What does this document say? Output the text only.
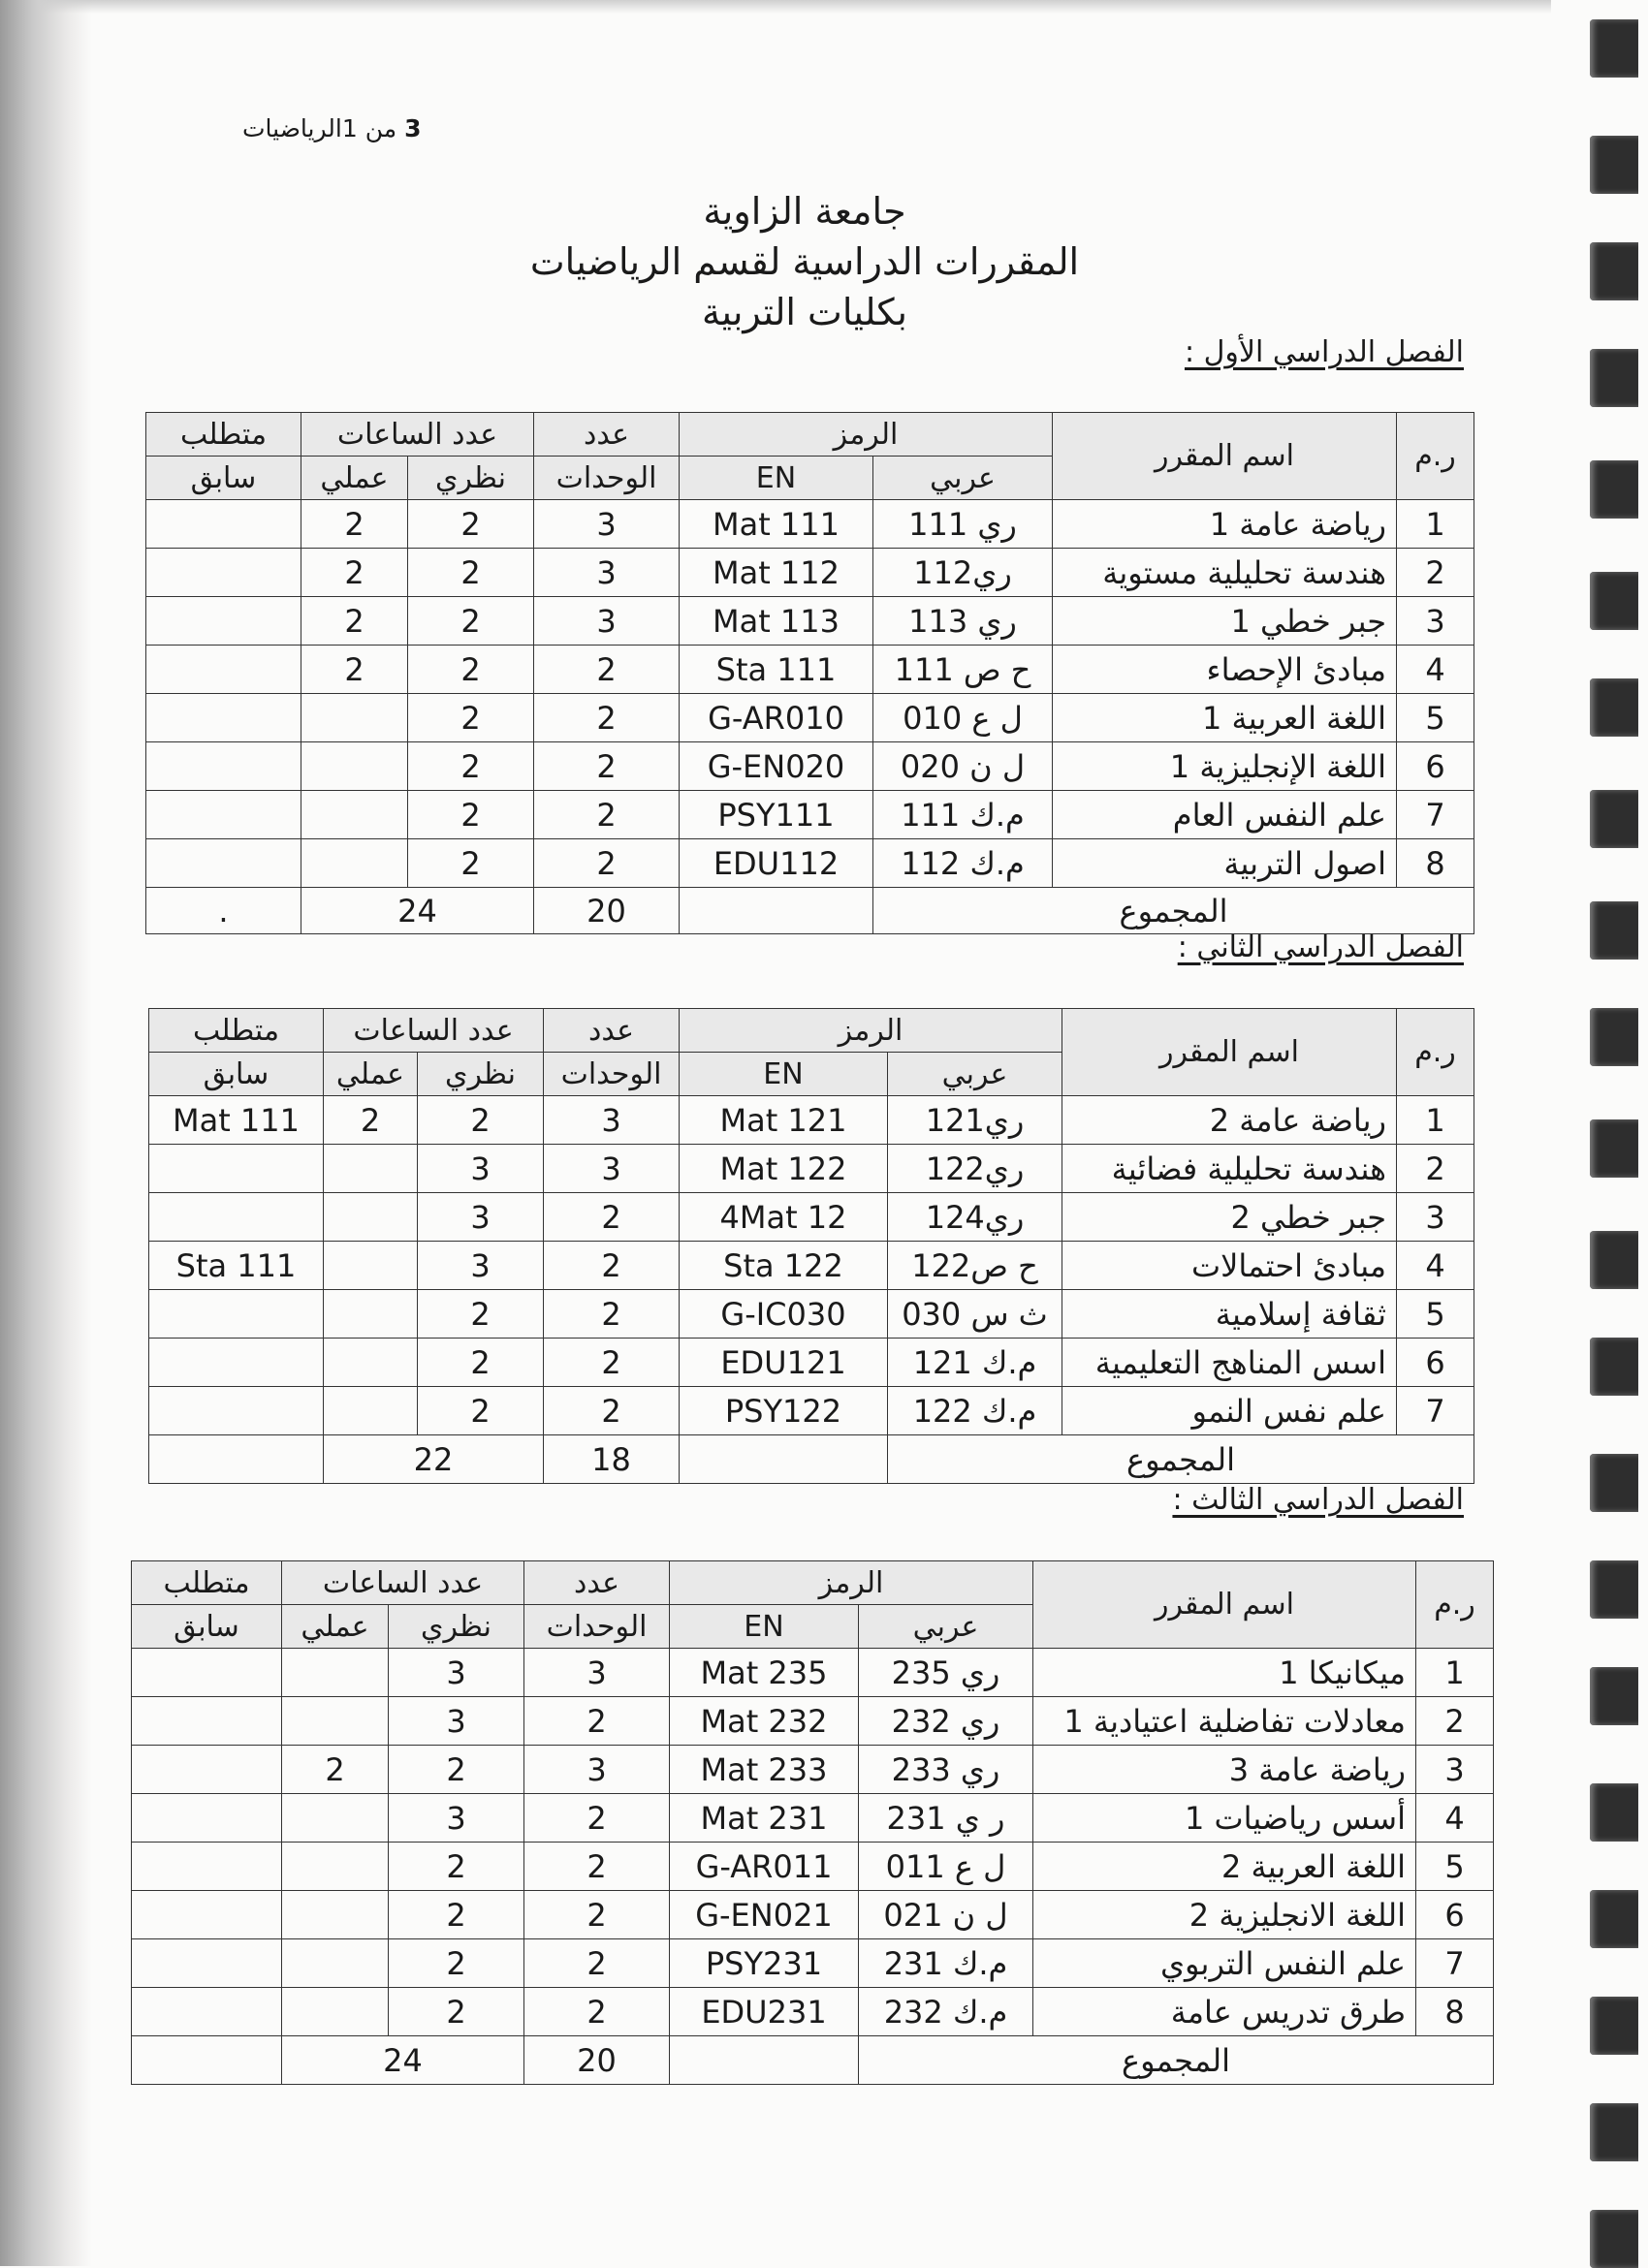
3 من 1الرياضيات
جامعة الزاوية
المقررات الدراسية لقسم الرياضيات
بكليات التربية
الفصل الدراسي الأول :
ر.م	اسم المقرر	الرمز		عدد	عدد الساعات		متطلب
		عربي	EN	الوحدات	نظري	عملي	سابق
1	رياضة عامة 1	ري 111	Mat 111	3	2	2	
2	هندسة تحليلية مستوية	ري112	Mat 112	3	2	2	
3	جبر خطي 1	ري 113	Mat 113	3	2	2	
4	مبادئ الإحصاء	ح ص 111	Sta 111	2	2	2	
5	اللغة العربية 1	ل ع 010	G-AR010	2	2		
6	اللغة الإنجليزية 1	ل ن 020	G-EN020	2	2		
7	علم النفس العام	م.ك 111	PSY111	2	2		
8	اصول التربية	م.ك 112	EDU112	2	2		
المجموع				20	24		.
الفصل الدراسي الثاني :
ر.م	اسم المقرر	الرمز		عدد	عدد الساعات		متطلب
		عربي	EN	الوحدات	نظري	عملي	سابق
1	رياضة عامة 2	ري121	Mat 121	3	2	2	Mat 111
2	هندسة تحليلية فضائية	ري122	Mat 122	3	3		
3	جبر خطي 2	ري124	4Mat 12	2	3		
4	مبادئ احتمالات	ح ص122	Sta 122	2	3		Sta 111
5	ثقافة إسلامية	ث س 030	G-IC030	2	2		
6	اسس المناهج التعليمية	م.ك 121	EDU121	2	2		
7	علم نفس النمو	م.ك 122	PSY122	2	2		
المجموع				18	22		
الفصل الدراسي الثالث :
ر.م	اسم المقرر	الرمز		عدد	عدد الساعات		متطلب
		عربي	EN	الوحدات	نظري	عملي	سابق
1	ميكانيكا 1	ري 235	Mat 235	3	3		
2	معادلات تفاضلية اعتيادية 1	ري 232	Mat 232	2	3		
3	رياضة عامة 3	ري 233	Mat 233	3	2	2	
4	أسس رياضيات 1	ر ي 231	Mat 231	2	3		
5	اللغة العربية 2	ل ع 011	G-AR011	2	2		
6	اللغة الانجليزية 2	ل ن 021	G-EN021	2	2		
7	علم النفس التربوي	م.ك 231	PSY231	2	2		
8	طرق تدريس عامة	م.ك 232	EDU231	2	2		
المجموع				20	24		
